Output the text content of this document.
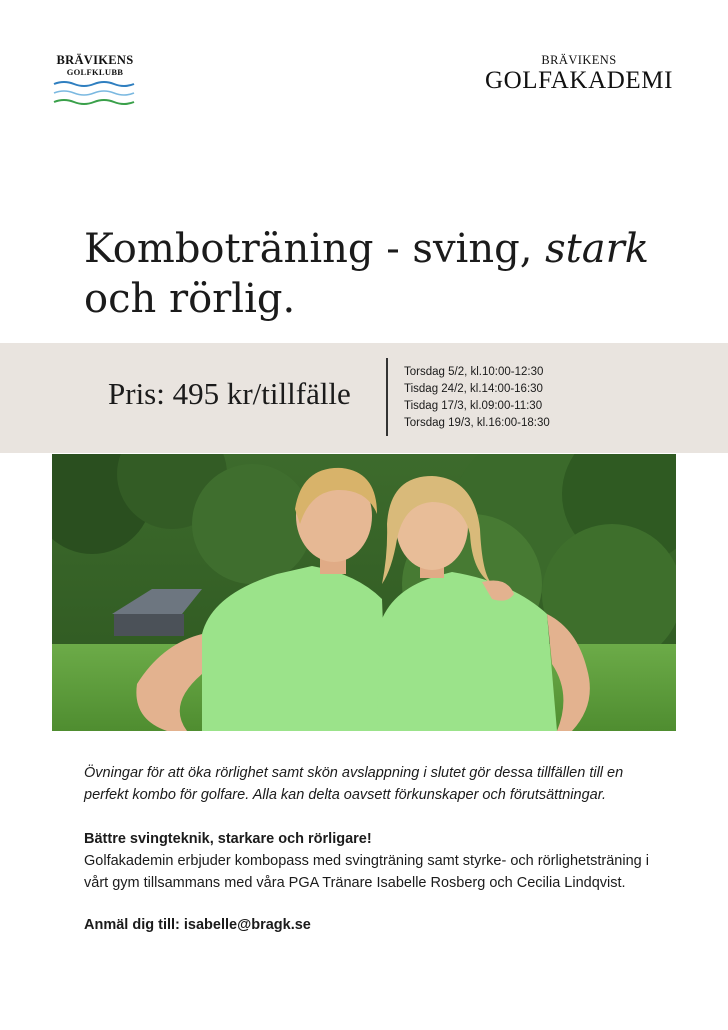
BRÄVIKENS
GOLFKLUBB
BRÄVIKENS
GOLFAKADEMI
Komboträning - sving, stark
och rörlig.
Pris: 495 kr/tillfälle
Torsdag 5/2, kl.10:00-12:30
Tisdag 24/2, kl.14:00-16:30
Tisdag 17/3, kl.09:00-11:30
Torsdag 19/3, kl.16:00-18:30

Övningar för att öka rörlighet samt skön avslappning i slutet gör dessa tillfällen till en perfekt kombo för golfare. Alla kan delta oavsett förkunskaper och förutsättningar.

Bättre svingteknik, starkare och rörligare!

Golfakademin erbjuder kombopass med svingträning samt styrke- och rörlighetsträning i vårt gym tillsammans med våra PGA Tränare Isabelle Rosberg och Cecilia Lindqvist.

Anmäl dig till: isabelle@bragk.se
